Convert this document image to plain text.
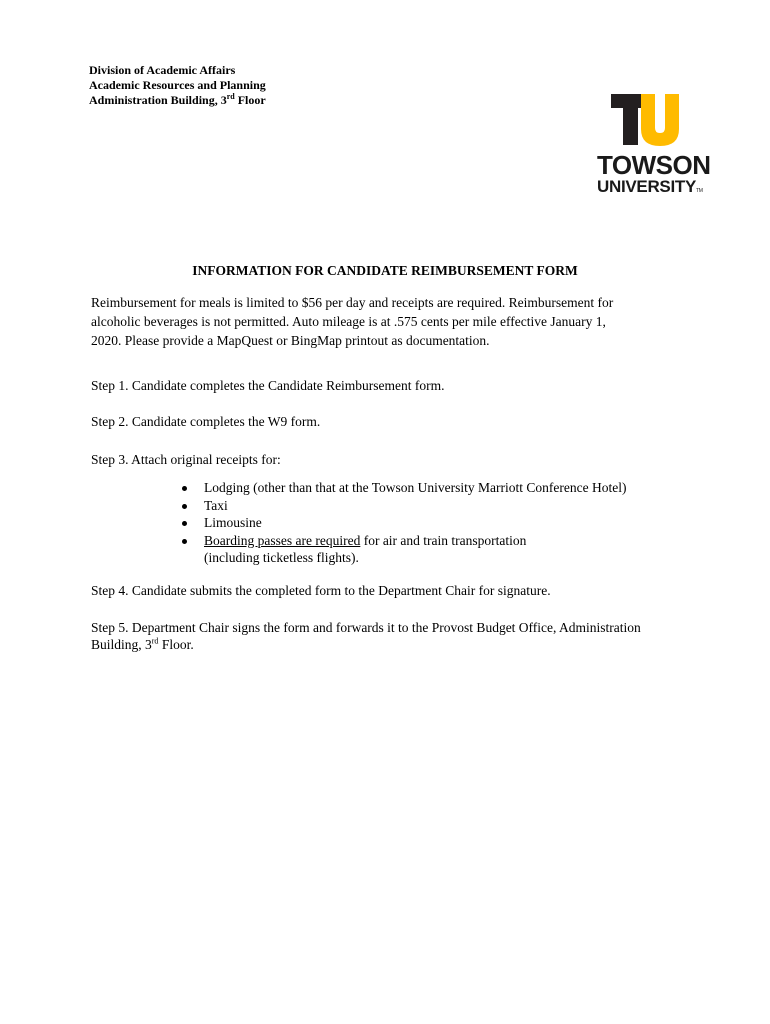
Division of Academic Affairs
Academic Resources and Planning
Administration Building, 3rd Floor
TOWSON
UNIVERSITYTM
INFORMATION FOR CANDIDATE REIMBURSEMENT FORM
Reimbursement for meals is limited to $56 per day and receipts are required. Reimbursement for
alcoholic beverages is not permitted. Auto mileage is at .575 cents per mile effective January 1,
2020. Please provide a MapQuest or BingMap printout as documentation.
Step 1. Candidate completes the Candidate Reimbursement form.
Step 2. Candidate completes the W9 form.
Step 3. Attach original receipts for:
Lodging (other than that at the Towson University Marriott Conference Hotel)
Taxi
Limousine
Boarding passes are required for air and train transportation
(including ticketless flights).
Step 4. Candidate submits the completed form to the Department Chair for signature.
Step 5. Department Chair signs the form and forwards it to the Provost Budget Office, Administration
Building, 3rd Floor.
